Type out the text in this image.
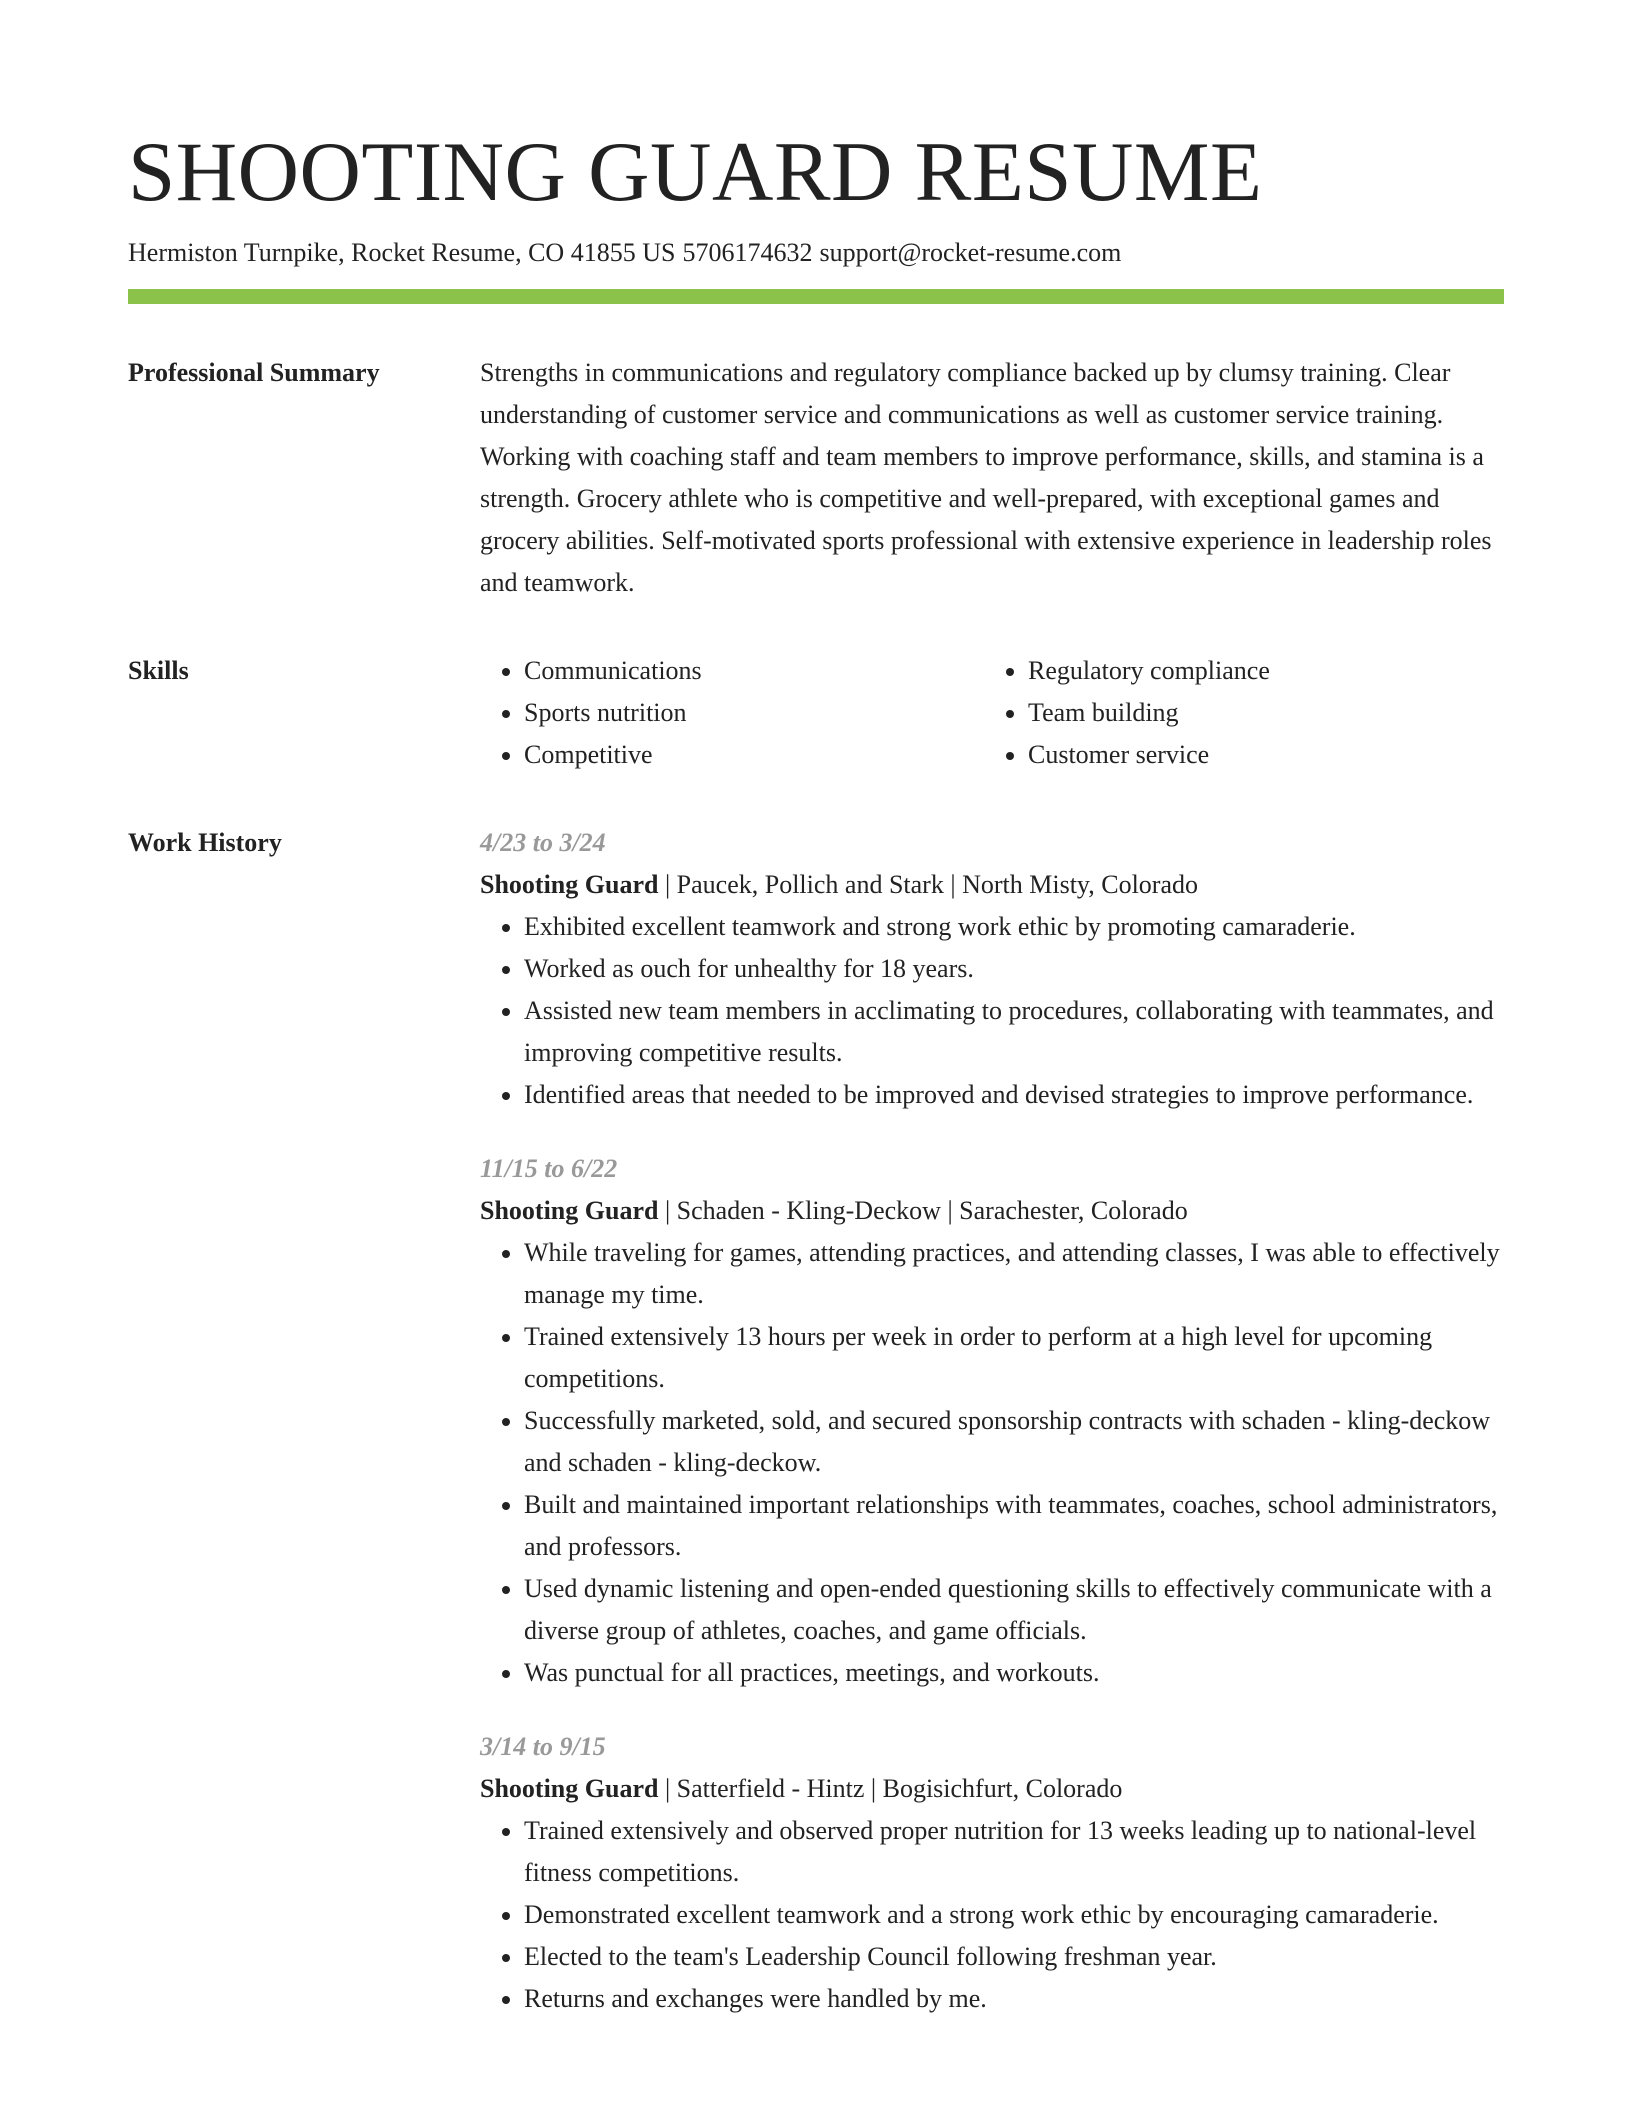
SHOOTING GUARD RESUME
Hermiston Turnpike, Rocket Resume, CO 41855 US 5706174632 support@rocket-resume.com
Professional Summary	Strengths in communications and regulatory compliance backed up by clumsy training. Clear understanding of customer service and communications as well as customer service training. Working with coaching staff and team members to improve performance, skills, and stamina is a strength. Grocery athlete who is competitive and well-prepared, with exceptional games and grocery abilities. Self-motivated sports professional with extensive experience in leadership roles and teamwork.

Skills
•	Communications
• Sports nutrition
• Competitive
• Regulatory compliance
• Team building
• Customer service
Work History	4/23 to 3/24
Shooting Guard | Paucek, Pollich and Stark | North Misty, Colorado
• Exhibited excellent teamwork and strong work ethic by promoting camaraderie.
• Worked as ouch for unhealthy for 18 years.
• Assisted new team members in acclimating to procedures, collaborating with teammates, and improving competitive results.
• Identified areas that needed to be improved and devised strategies to improve performance.
11/15 to 6/22
Shooting Guard | Schaden - Kling-Deckow | Sarachester, Colorado
• While traveling for games, attending practices, and attending classes, I was able to effectively manage my time.
• Trained extensively 13 hours per week in order to perform at a high level for upcoming competitions.
• Successfully marketed, sold, and secured sponsorship contracts with schaden - kling-deckow and schaden - kling-deckow.
• Built and maintained important relationships with teammates, coaches, school administrators, and professors.
• Used dynamic listening and open-ended questioning skills to effectively communicate with a diverse group of athletes, coaches, and game officials.
• Was punctual for all practices, meetings, and workouts.
3/14 to 9/15
Shooting Guard | Satterfield - Hintz | Bogisichfurt, Colorado
• Trained extensively and observed proper nutrition for 13 weeks leading up to national-level fitness competitions.
• Demonstrated excellent teamwork and a strong work ethic by encouraging camaraderie.
• Elected to the team's Leadership Council following freshman year.
• Returns and exchanges were handled by me.
